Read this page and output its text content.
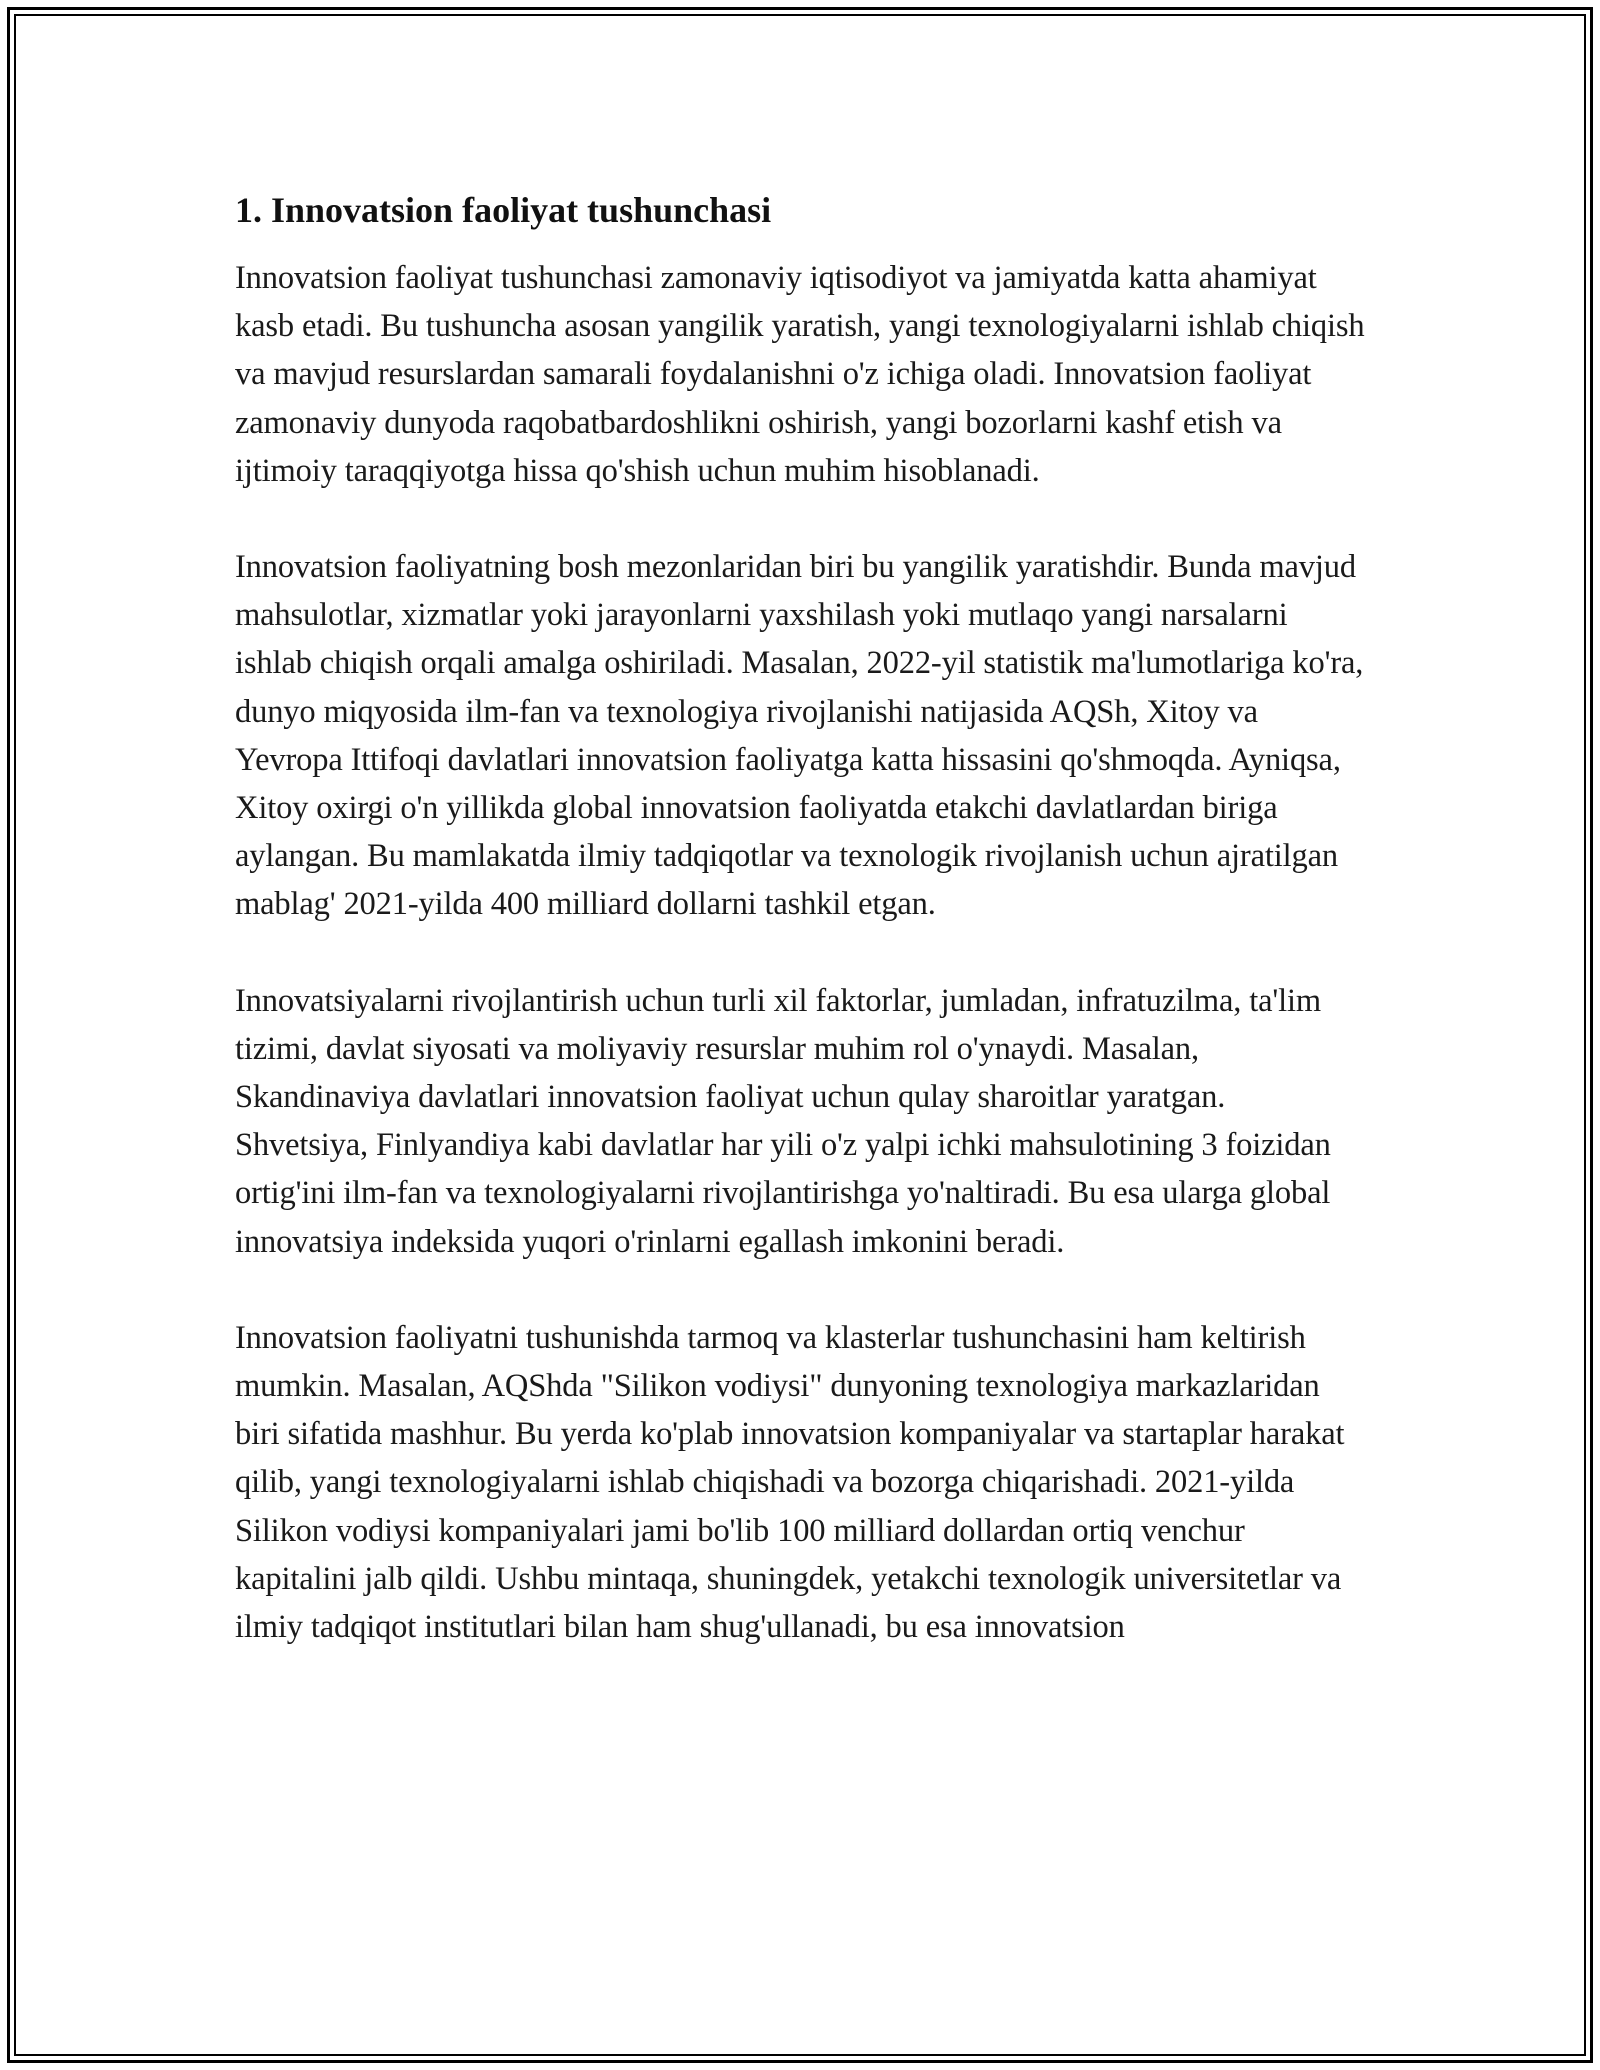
1. Innovatsion faoliyat tushunchasi

Innovatsion faoliyat tushunchasi zamonaviy iqtisodiyot va jamiyatda katta ahamiyat kasb etadi. Bu tushuncha asosan yangilik yaratish, yangi texnologiyalarni ishlab chiqish va mavjud resurslardan samarali foydalanishni o'z ichiga oladi. Innovatsion faoliyat zamonaviy dunyoda raqobatbardoshlikni oshirish, yangi bozorlarni kashf etish va ijtimoiy taraqqiyotga hissa qo'shish uchun muhim hisoblanadi.

Innovatsion faoliyatning bosh mezonlaridan biri bu yangilik yaratishdir. Bunda mavjud mahsulotlar, xizmatlar yoki jarayonlarni yaxshilash yoki mutlaqo yangi narsalarni ishlab chiqish orqali amalga oshiriladi. Masalan, 2022-yil statistik ma'lumotlariga ko'ra, dunyo miqyosida ilm-fan va texnologiya rivojlanishi natijasida AQSh, Xitoy va Yevropa Ittifoqi davlatlari innovatsion faoliyatga katta hissasini qo'shmoqda. Ayniqsa, Xitoy oxirgi o'n yillikda global innovatsion faoliyatda etakchi davlatlardan biriga aylangan. Bu mamlakatda ilmiy tadqiqotlar va texnologik rivojlanish uchun ajratilgan mablag' 2021-yilda 400 milliard dollarni tashkil etgan.

Innovatsiyalarni rivojlantirish uchun turli xil faktorlar, jumladan, infratuzilma, ta'lim tizimi, davlat siyosati va moliyaviy resurslar muhim rol o'ynaydi. Masalan, Skandinaviya davlatlari innovatsion faoliyat uchun qulay sharoitlar yaratgan. Shvetsiya, Finlyandiya kabi davlatlar har yili o'z yalpi ichki mahsulotining 3 foizidan ortig'ini ilm-fan va texnologiyalarni rivojlantirishga yo'naltiradi. Bu esa ularga global innovatsiya indeksida yuqori o'rinlarni egallash imkonini beradi.

Innovatsion faoliyatni tushunishda tarmoq va klasterlar tushunchasini ham keltirish mumkin. Masalan, AQShda "Silikon vodiysi" dunyoning texnologiya markazlaridan biri sifatida mashhur. Bu yerda ko'plab innovatsion kompaniyalar va startaplar harakat qilib, yangi texnologiyalarni ishlab chiqishadi va bozorga chiqarishadi. 2021-yilda Silikon vodiysi kompaniyalari jami bo'lib 100 milliard dollardan ortiq venchur kapitalini jalb qildi. Ushbu mintaqa, shuningdek, yetakchi texnologik universitetlar va ilmiy tadqiqot institutlari bilan ham shug'ullanadi, bu esa innovatsion
